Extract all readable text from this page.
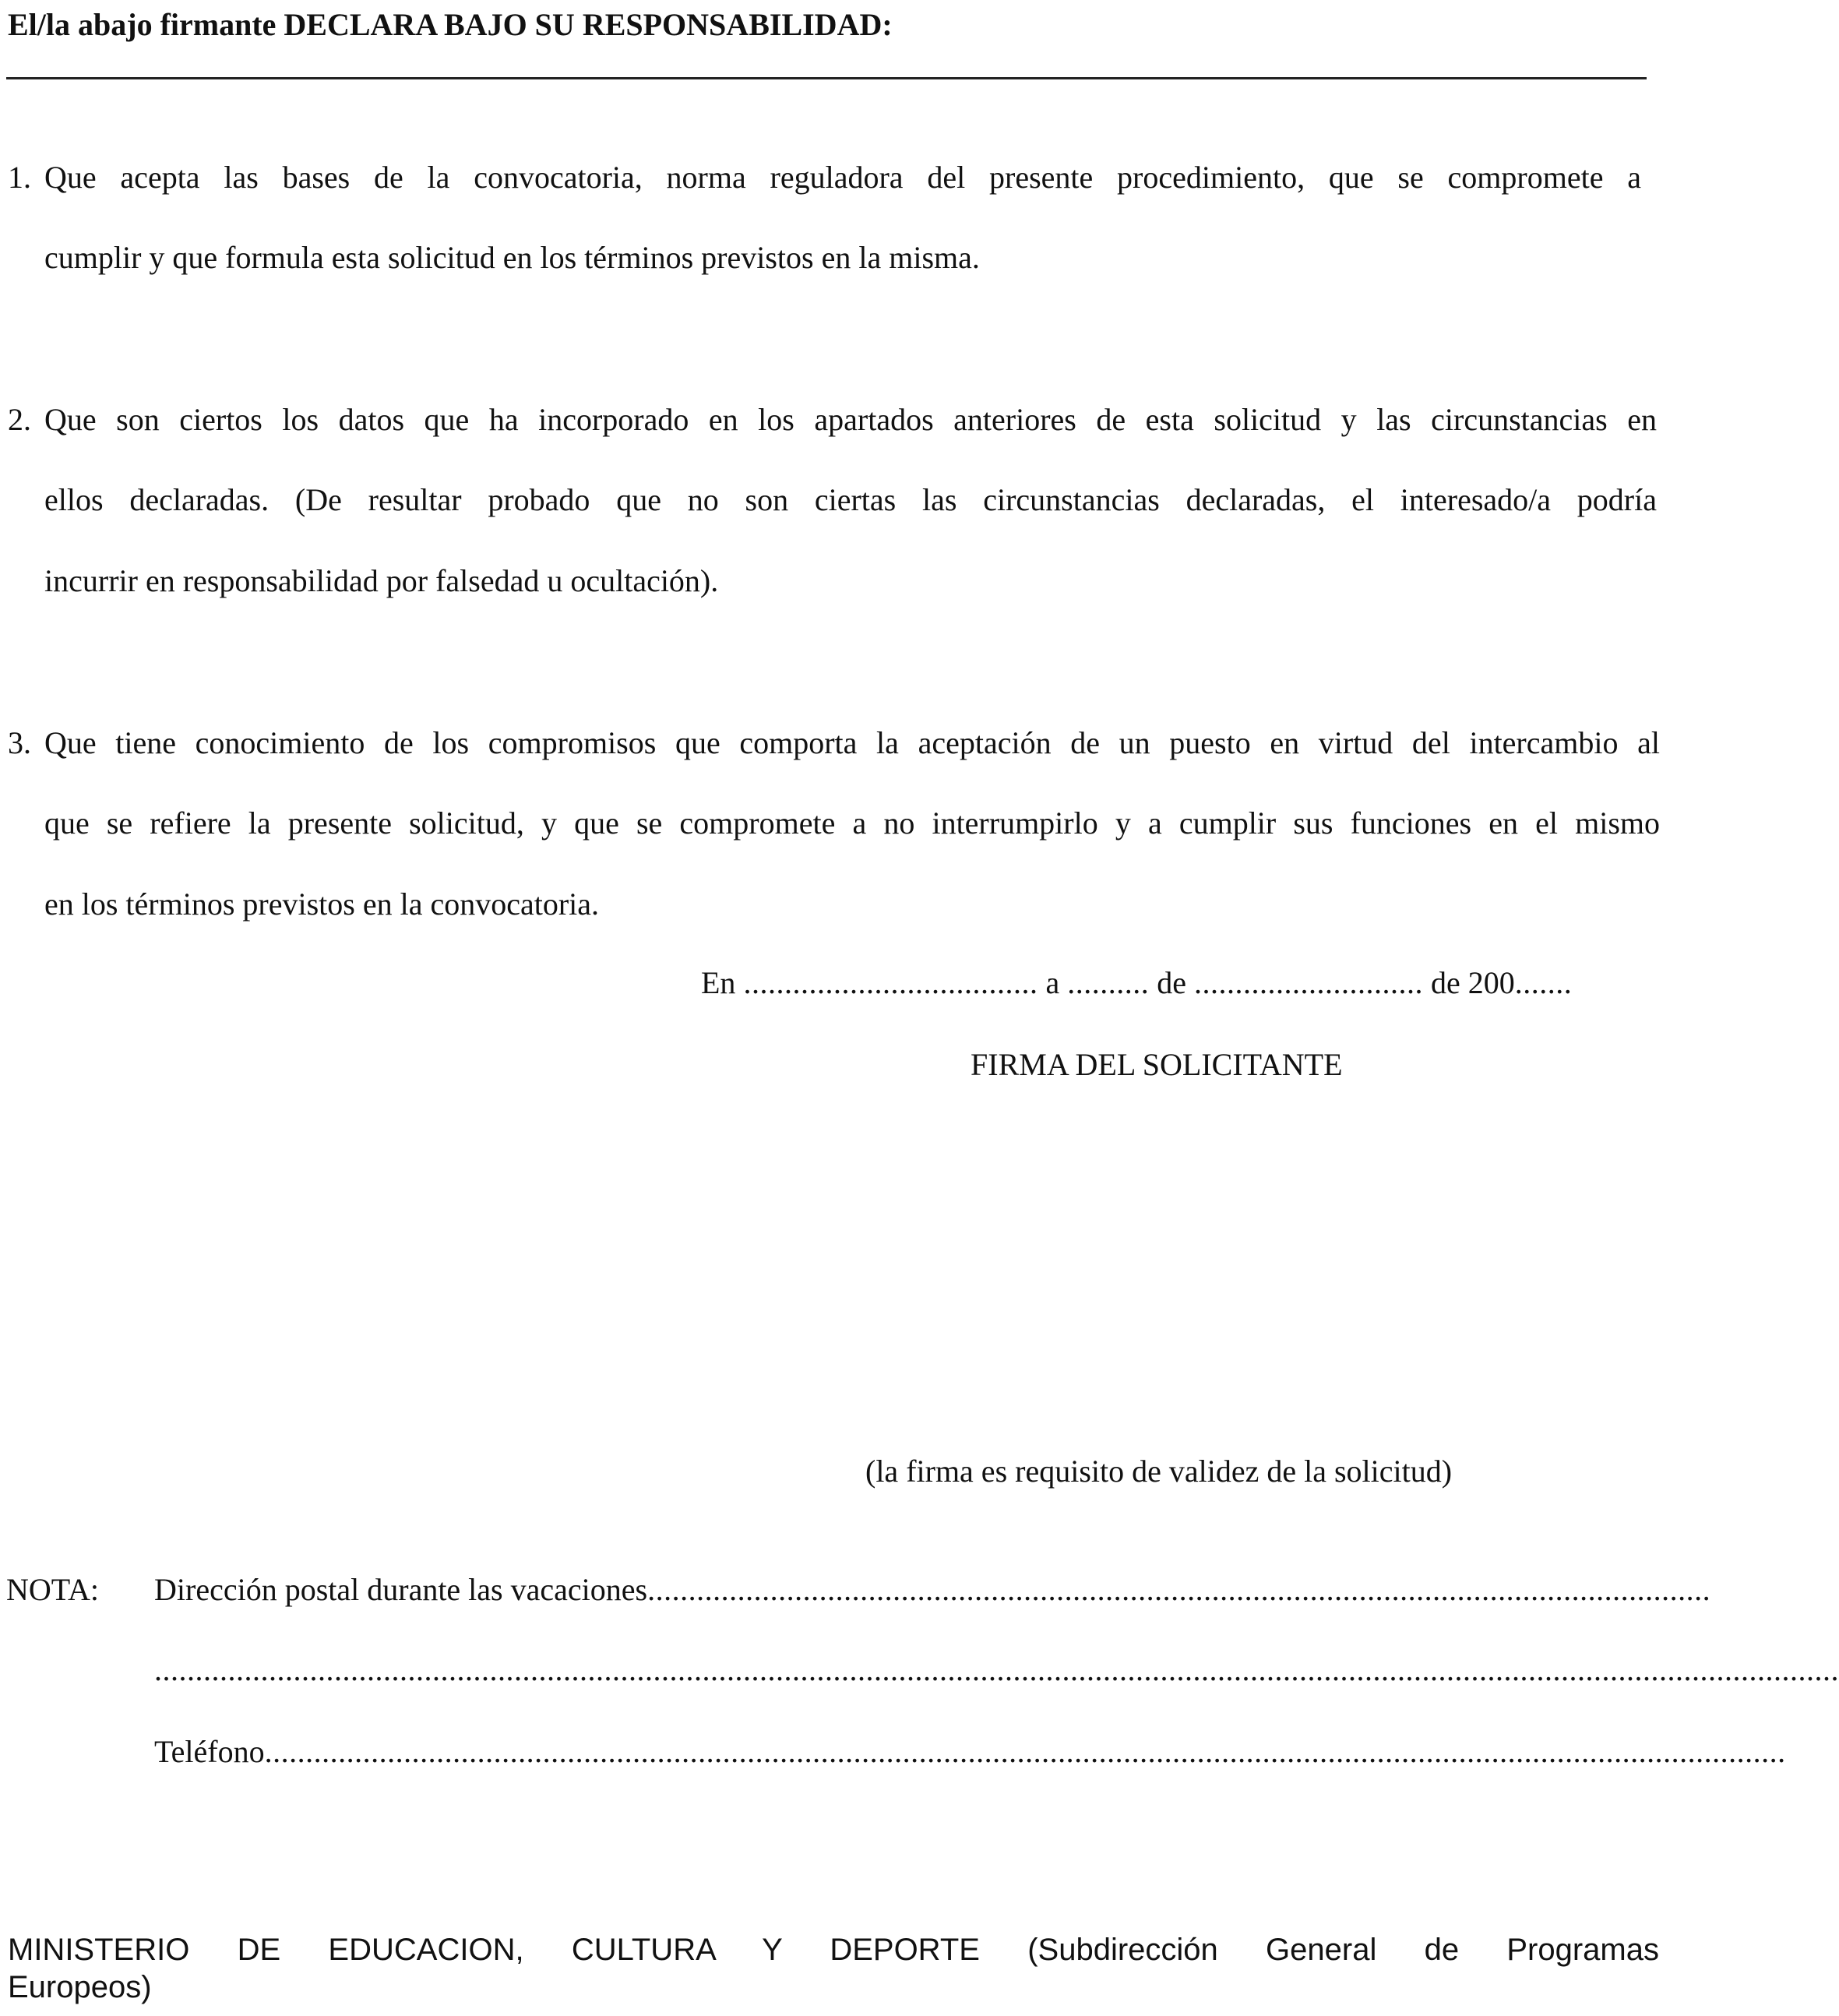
El/la abajo firmante DECLARA BAJO SU RESPONSABILIDAD:
1. Que acepta las bases de la convocatoria, norma reguladora del presente procedimiento, que se compromete a
cumplir y que formula esta solicitud en los términos previstos en la misma.
2. Que son ciertos los datos que ha incorporado en los apartados anteriores de esta solicitud y las circunstancias en
ellos declaradas. (De resultar probado que no son ciertas las circunstancias declaradas, el interesado/a podría
incurrir en responsabilidad por falsedad u ocultación).
3. Que tiene conocimiento de los compromisos que comporta la aceptación de un puesto en virtud del intercambio al
que se refiere la presente solicitud, y que se compromete a no interrumpirlo y a cumplir sus funciones en el mismo
en los términos previstos en la convocatoria.
En .................................... a .......... de ............................ de 200.......
FIRMA DEL SOLICITANTE
(la firma es requisito de validez de la solicitud)
NOTA: Dirección postal durante las vacaciones..................................................................................................................................
..............................................................................................................................................................................................................
Teléfono..........................................................................................................................................................................................
MINISTERIO DE EDUCACION, CULTURA Y DEPORTE (Subdirección General de Programas
Europeos)
